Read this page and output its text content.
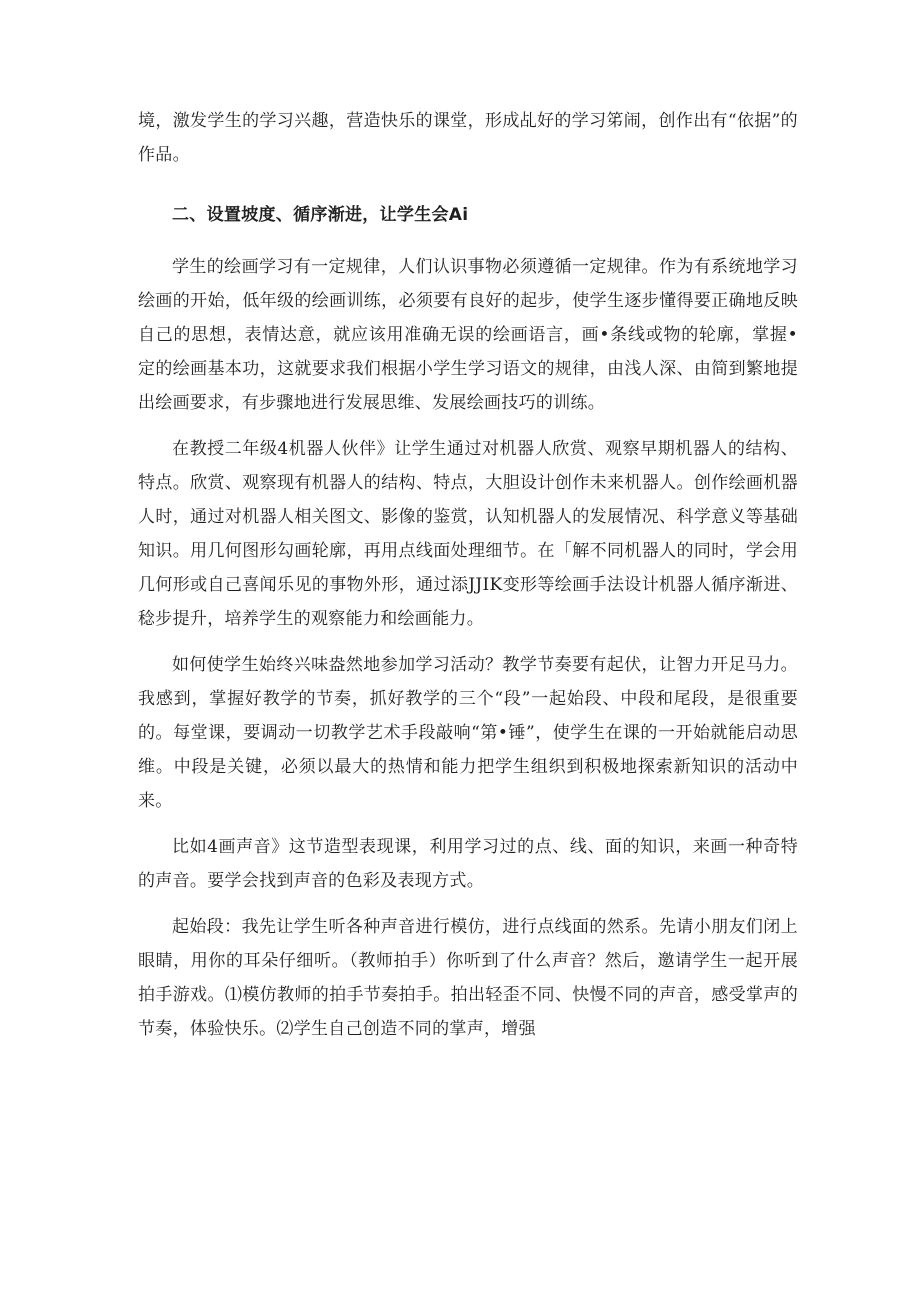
境，激发学生的学习兴趣，营造快乐的课堂，形成乩好的学习笫闹，创作出有“依据”的作品。

二、设置坡度、循序渐进，让学生会Ai

学生的绘画学习有一定规律，人们认识事物必须遵循一定规律。作为有系统地学习绘画的开始，低年级的绘画训练，必须要有良好的起步，使学生逐步懂得要正确地反映自己的思想，表情达意，就应该用准确无误的绘画语言，画•条线或物的轮廓，掌握•定的绘画基本功，这就要求我们根据小学生学习语文的规律，由浅人深、由简到繁地提出绘画要求，有步骤地进行发展思维、发展绘画技巧的训练。

在教授二年级4机器人伙伴》让学生通过对机器人欣赏、观察早期机器人的结构、特点。欣赏、观察现有机器人的结构、特点，大胆设计创作未来机器人。创作绘画机器人时，通过对机器人相关图文、影像的鉴赏，认知机器人的发展情况、科学意义等基础知识。用几何图形勾画轮廓，再用点线面处理细节。在「解不同机器人的同时，学会用几何形或自己喜闻乐见的事物外形，通过添JJIK变形等绘画手法设计机器人循序渐进、稔步提升，培养学生的观察能力和绘画能力。

如何使学生始终兴味盎然地参加学习活动？教学节奏要有起伏，让智力开足马力。我感到，掌握好教学的节奏，抓好教学的三个“段”一起始段、中段和尾段，是很重要的。每堂课，要调动一切教学艺术手段敲响“第•锤”，使学生在课的一开始就能启动思维。中段是关键，必须以最大的热情和能力把学生组织到积极地探索新知识的活动中来。

比如4画声音》这节造型表现课，利用学习过的点、线、面的知识，来画一种奇特的声音。要学会找到声音的色彩及表现方式。

起始段：我先让学生听各种声音进行模仿，进行点线面的然系。先请小朋友们闭上眼睛，用你的耳朵仔细听。（教师拍手）你听到了什么声音？然后，邀请学生一起开展拍手游戏。⑴模仿教师的拍手节奏拍手。拍出轻歪不同、快慢不同的声音，感受掌声的节奏，体验快乐。⑵学生自己创造不同的掌声，增强
